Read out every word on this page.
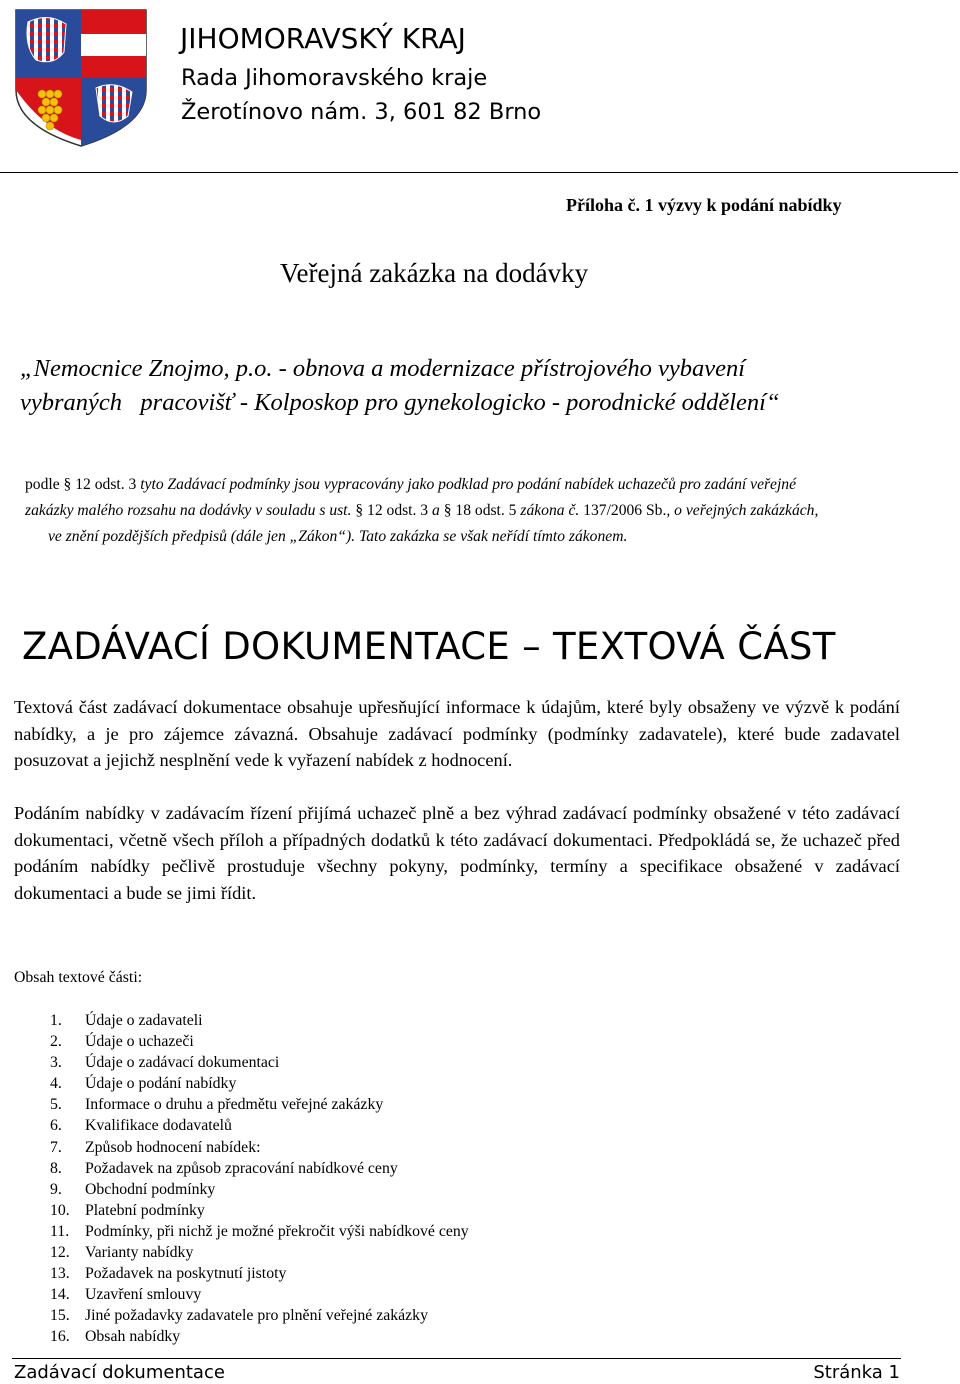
JIHOMORAVSKÝ KRAJ
Rada Jihomoravského kraje
Žerotínovo nám. 3, 601 82 Brno
Příloha č. 1 výzvy k podání nabídky
Veřejná zakázka na dodávky
„Nemocnice Znojmo, p.o. - obnova a modernizace přístrojového vybavení
vybraných   pracovišť - Kolposkop pro gynekologicko - porodnické oddělení“
podle § 12 odst. 3 tyto Zadávací podmínky jsou vypracovány jako podklad pro podání nabídek uchazečů pro zadání veřejné
zakázky malého rozsahu na dodávky v souladu s ust. § 12 odst. 3 a § 18 odst. 5 zákona č. 137/2006 Sb., o veřejných zakázkách,
ve znění pozdějších předpisů (dále jen „Zákon“). Tato zakázka se však neřídí tímto zákonem.
ZADÁVACÍ DOKUMENTACE – TEXTOVÁ ČÁST
Textová část zadávací dokumentace obsahuje upřesňující informace k údajům, které byly obsaženy ve výzvě k podání nabídky, a je pro zájemce závazná. Obsahuje zadávací podmínky (podmínky zadavatele), které bude zadavatel posuzovat a jejichž nesplnění vede k vyřazení nabídek z hodnocení.
Podáním nabídky v zadávacím řízení přijímá uchazeč plně a bez výhrad zadávací podmínky obsažené v této zadávací dokumentaci, včetně všech příloh a případných dodatků k této zadávací dokumentaci. Předpokládá se, že uchazeč před podáním nabídky pečlivě prostuduje všechny pokyny, podmínky, termíny a specifikace obsažené v zadávací dokumentaci a bude se jimi řídit.
Obsah textové části:
1. Údaje o zadavateli
2. Údaje o uchazeči
3. Údaje o zadávací dokumentaci
4. Údaje o podání nabídky
5. Informace o druhu a předmětu veřejné zakázky
6. Kvalifikace dodavatelů
7. Způsob hodnocení nabídek:
8. Požadavek na způsob zpracování nabídkové ceny
9. Obchodní podmínky
10. Platební podmínky
11. Podmínky, při nichž je možné překročit výši nabídkové ceny
12. Varianty nabídky
13. Požadavek na poskytnutí jistoty
14. Uzavření smlouvy
15. Jiné požadavky zadavatele pro plnění veřejné zakázky
16. Obsah nabídky
Zadávací dokumentace	Stránka 1
